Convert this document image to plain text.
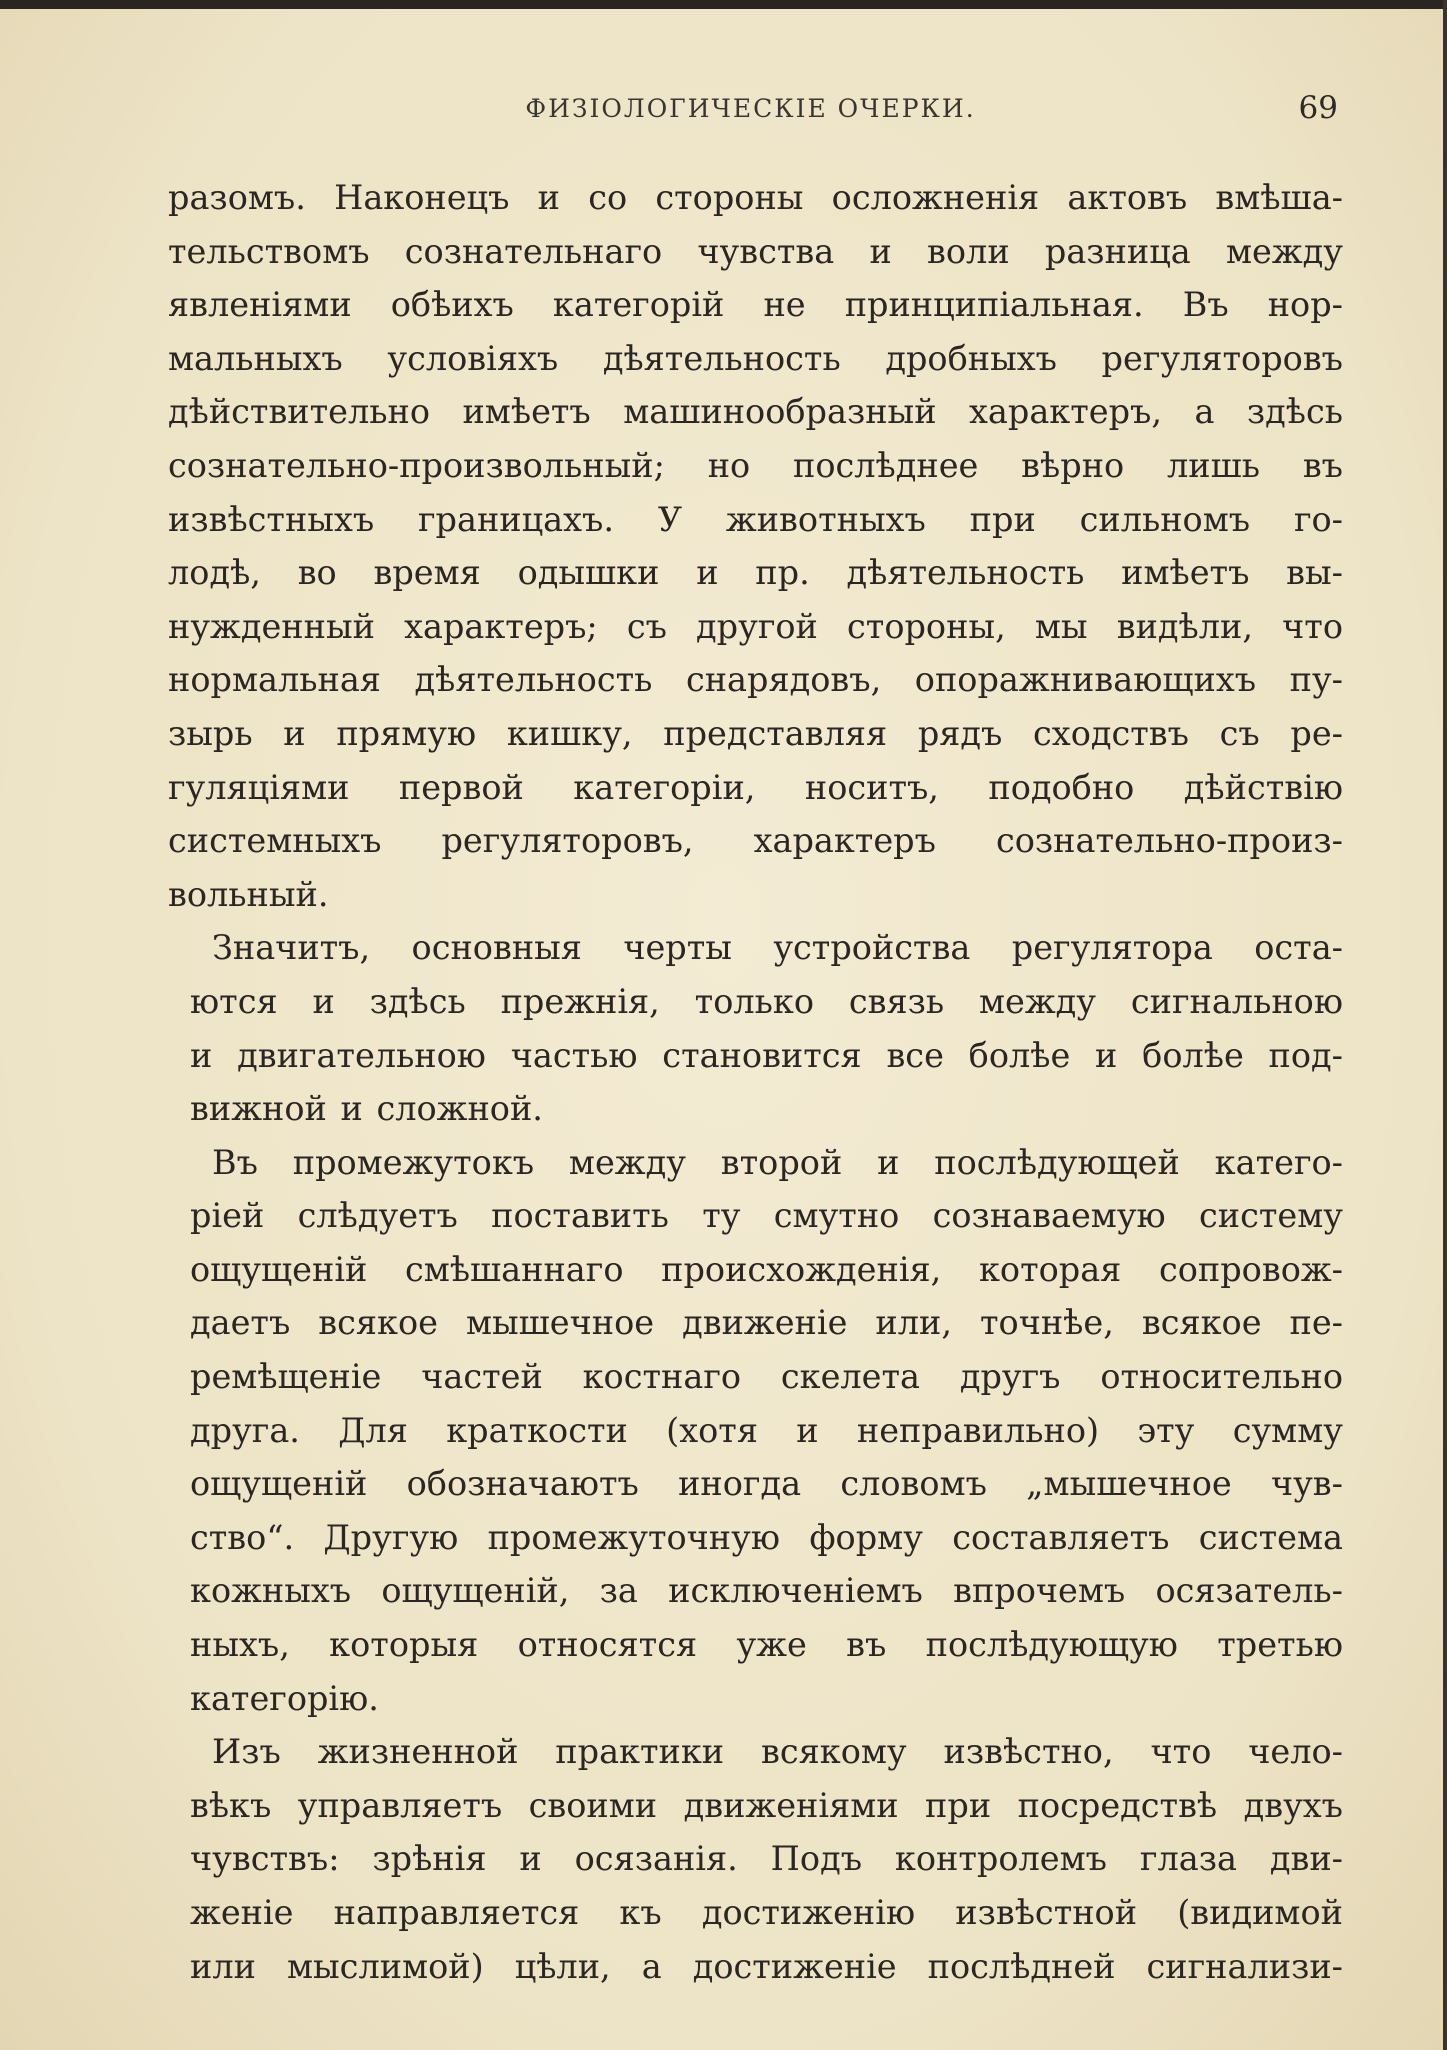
ФИЗІОЛОГИЧЕСКІЕ ОЧЕРКИ.	69

разомъ. Наконецъ и со стороны осложненія актовъ вмѣша-
тельствомъ сознательнаго чувства и воли разница между
явленіями обѣихъ категорій не принципіальная. Въ нор-
мальныхъ условіяхъ дѣятельность дробныхъ регуляторовъ
дѣйствительно имѣетъ машинообразный характеръ, а здѣсь
сознательно-произвольный; но послѣднее вѣрно лишь въ
извѣстныхъ границахъ. У животныхъ при сильномъ го-
лодѣ, во время одышки и пр. дѣятельность имѣетъ вы-
нужденный характеръ; съ другой стороны, мы видѣли, что
нормальная дѣятельность снарядовъ, опоражнивающихъ пу-
зырь и прямую кишку, представляя рядъ сходствъ съ ре-
гуляціями первой категоріи, носитъ, подобно дѣйствію
системныхъ регуляторовъ, характеръ сознательно-произ-
вольный.

Значитъ, основныя черты устройства регулятора оста-
ются и здѣсь прежнія, только связь между сигнальною
и двигательною частью становится все болѣе и болѣе под-
вижной и сложной.

Въ промежутокъ между второй и послѣдующей катего-
ріей слѣдуетъ поставить ту смутно сознаваемую систему
ощущеній смѣшаннаго происхожденія, которая сопровож-
даетъ всякое мышечное движеніе или, точнѣе, всякое пе-
ремѣщеніе частей костнаго скелета другъ относительно
друга. Для краткости (хотя и неправильно) эту сумму
ощущеній обозначаютъ иногда словомъ „мышечное чув-
ство“. Другую промежуточную форму составляетъ система
кожныхъ ощущеній, за исключеніемъ впрочемъ осязатель-
ныхъ, которыя относятся уже въ послѣдующую третью
категорію.

Изъ жизненной практики всякому извѣстно, что чело-
вѣкъ управляетъ своими движеніями при посредствѣ двухъ
чувствъ: зрѣнія и осязанія. Подъ контролемъ глаза дви-
женіе направляется къ достиженію извѣстной (видимой
или мыслимой) цѣли, а достиженіе послѣдней сигнализи-
